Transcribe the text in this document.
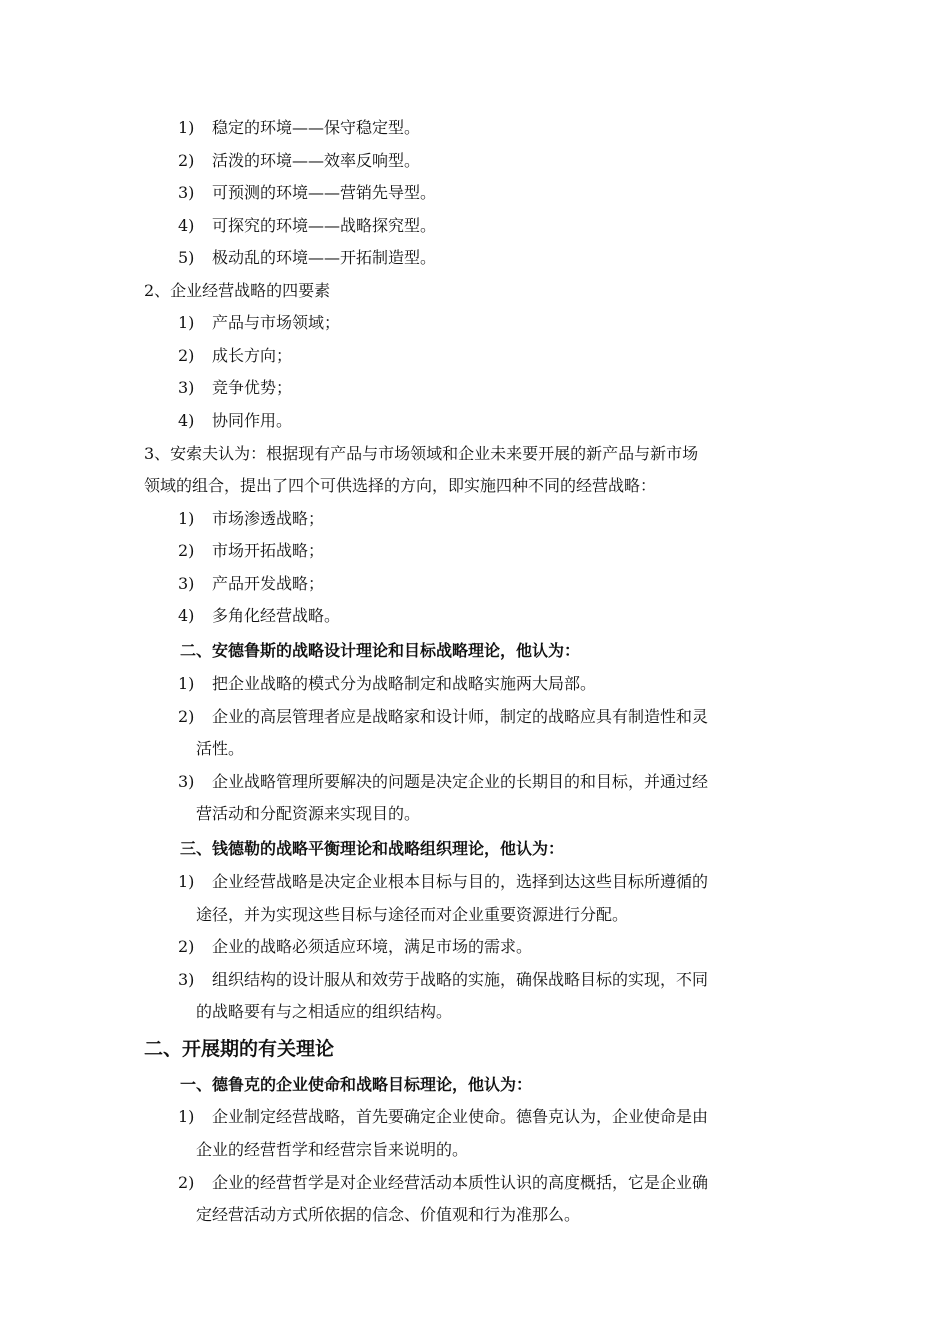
1)	稳定的环境——保守稳定型。
2)	活泼的环境——效率反响型。
3)	可预测的环境——营销先导型。
4)	可探究的环境——战略探究型。
5)	极动乱的环境——开拓制造型。
2、企业经营战略的四要素
1)	产品与市场领域；
2)	成长方向；
3)	竞争优势；
4)	协同作用。
3、安索夫认为：根据现有产品与市场领域和企业未来要开展的新产品与新市场
领域的组合，提出了四个可供选择的方向，即实施四种不同的经营战略：
1)	市场渗透战略；
2)	市场开拓战略；
3)	产品开发战略；
4)	多角化经营战略。
二、安德鲁斯的战略设计理论和目标战略理论，他认为：
1)	把企业战略的模式分为战略制定和战略实施两大局部。
2)	企业的高层管理者应是战略家和设计师，制定的战略应具有制造性和灵
活性。
3)	企业战略管理所要解决的问题是决定企业的长期目的和目标，并通过经
营活动和分配资源来实现目的。
三、钱德勒的战略平衡理论和战略组织理论，他认为：
1)	企业经营战略是决定企业根本目标与目的，选择到达这些目标所遵循的
途径，并为实现这些目标与途径而对企业重要资源进行分配。
2)	企业的战略必须适应环境，满足市场的需求。
3)	组织结构的设计服从和效劳于战略的实施，确保战略目标的实现，不同
的战略要有与之相适应的组织结构。
二、开展期的有关理论
一、德鲁克的企业使命和战略目标理论，他认为：
1)	企业制定经营战略，首先要确定企业使命。德鲁克认为，企业使命是由
企业的经营哲学和经营宗旨来说明的。
2)	企业的经营哲学是对企业经营活动本质性认识的高度概括，它是企业确
定经营活动方式所依据的信念、价值观和行为准那么。
